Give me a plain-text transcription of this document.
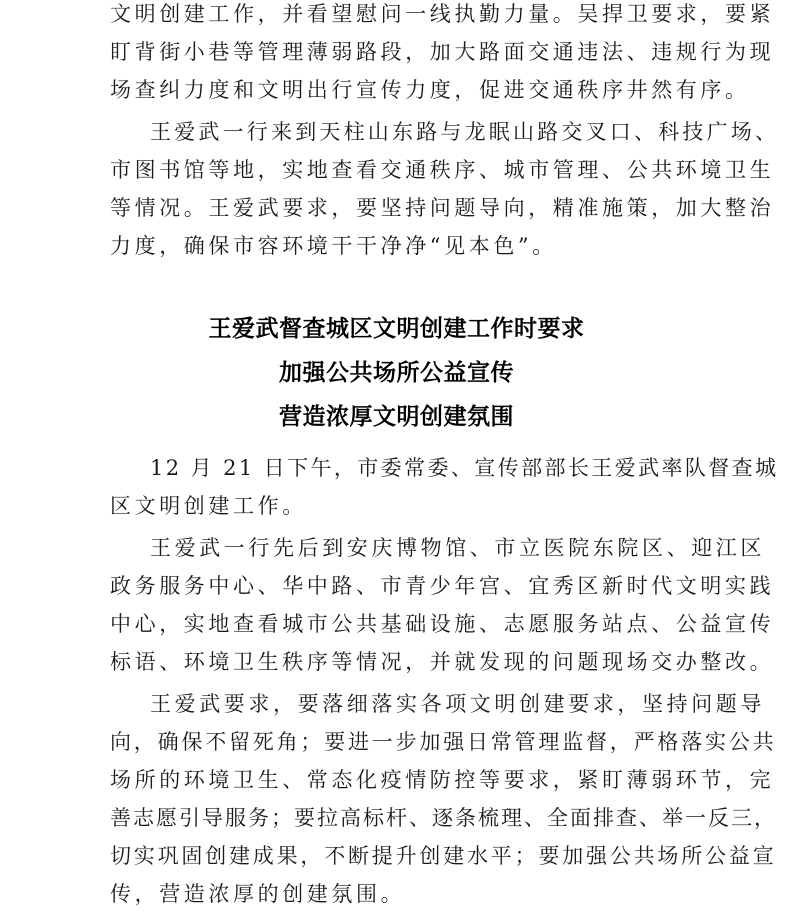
文明创建工作，并看望慰问一线执勤力量。吴捍卫要求，要紧
盯背街小巷等管理薄弱路段，加大路面交通违法、违规行为现
场查纠力度和文明出行宣传力度，促进交通秩序井然有序。
王爱武一行来到天柱山东路与龙眠山路交叉口、科技广场、
市图书馆等地，实地查看交通秩序、城市管理、公共环境卫生
等情况。王爱武要求，要坚持问题导向，精准施策，加大整治
力度，确保市容环境干干净净“见本色”。
王爱武督查城区文明创建工作时要求
加强公共场所公益宣传
营造浓厚文明创建氛围
12 月 21 日下午，市委常委、宣传部部长王爱武率队督查城
区文明创建工作。
王爱武一行先后到安庆博物馆、市立医院东院区、迎江区
政务服务中心、华中路、市青少年宫、宜秀区新时代文明实践
中心，实地查看城市公共基础设施、志愿服务站点、公益宣传
标语、环境卫生秩序等情况，并就发现的问题现场交办整改。
王爱武要求，要落细落实各项文明创建要求，坚持问题导
向，确保不留死角；要进一步加强日常管理监督，严格落实公共
场所的环境卫生、常态化疫情防控等要求，紧盯薄弱环节，完
善志愿引导服务；要拉高标杆、逐条梳理、全面排查、举一反三，
切实巩固创建成果，不断提升创建水平；要加强公共场所公益宣
传，营造浓厚的创建氛围。
